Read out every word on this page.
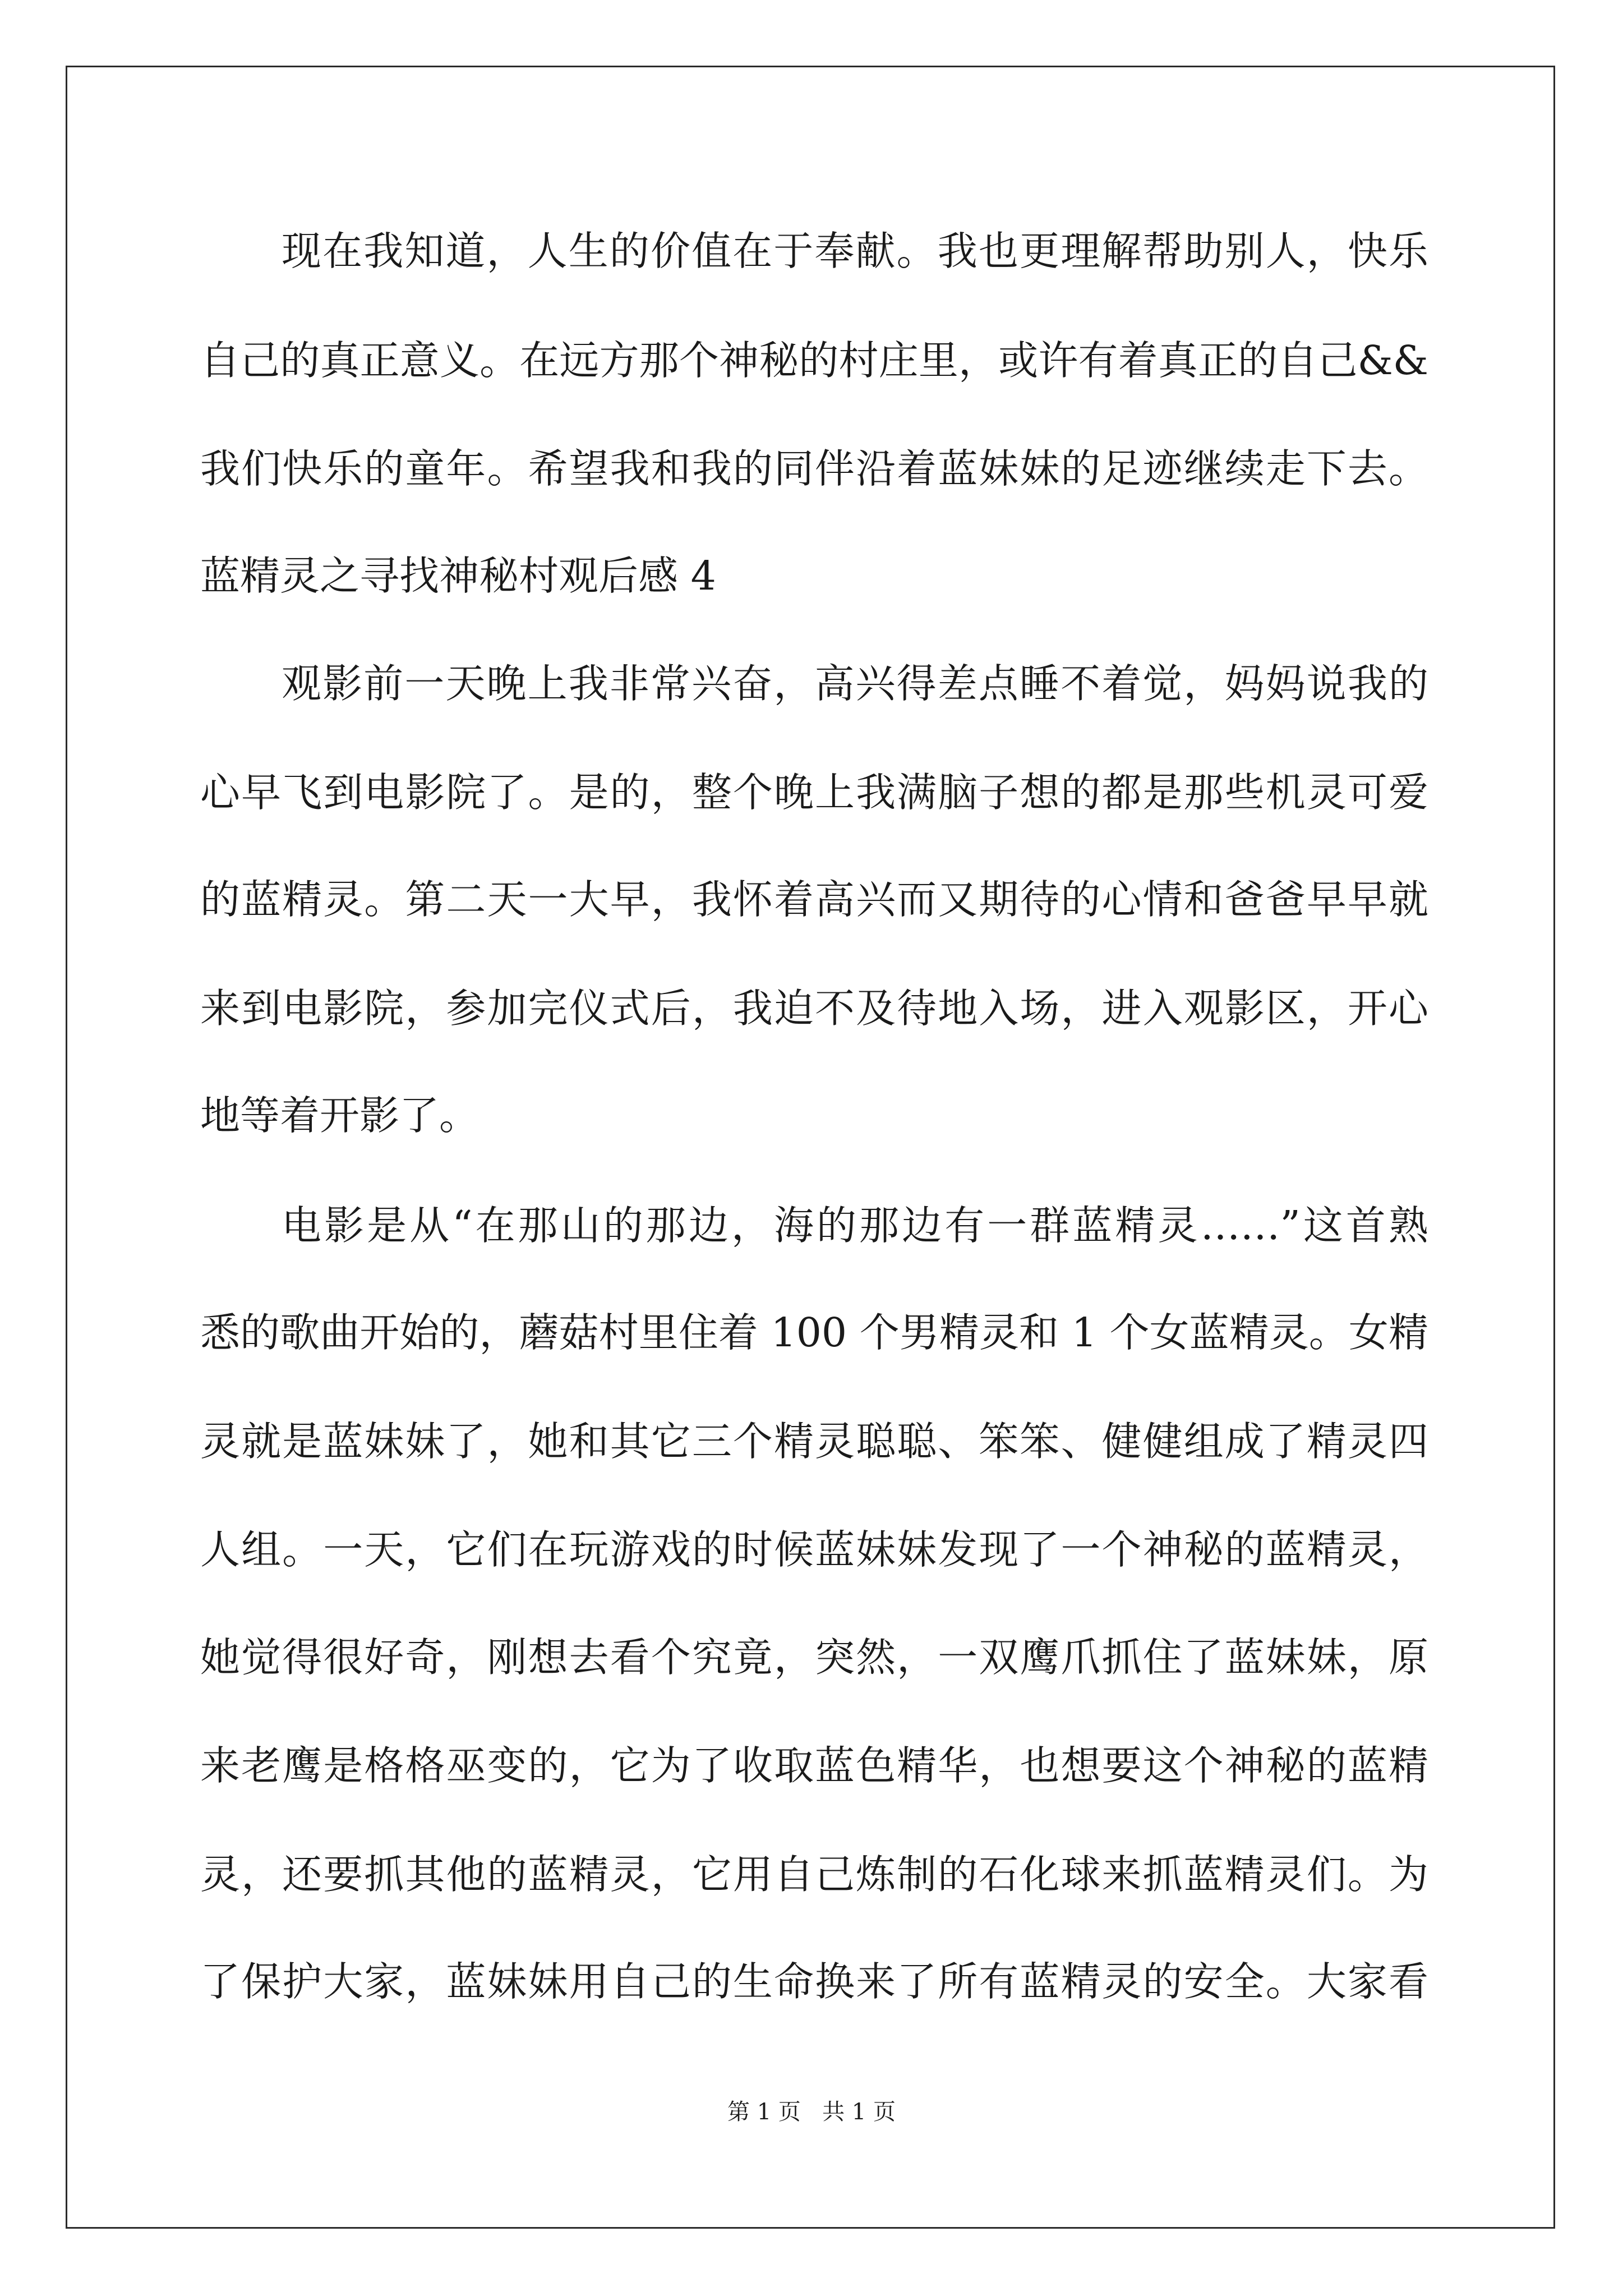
现在我知道，人生的价值在于奉献。我也更理解帮助别人，快乐

自己的真正意义。在远方那个神秘的村庄里，或许有着真正的自己&&

我们快乐的童年。希望我和我的同伴沿着蓝妹妹的足迹继续走下去。

蓝精灵之寻找神秘村观后感 4

观影前一天晚上我非常兴奋，高兴得差点睡不着觉，妈妈说我的

心早飞到电影院了。是的，整个晚上我满脑子想的都是那些机灵可爱

的蓝精灵。第二天一大早，我怀着高兴而又期待的心情和爸爸早早就

来到电影院，参加完仪式后，我迫不及待地入场，进入观影区，开心

地等着开影了。

电影是从“在那山的那边，海的那边有一群蓝精灵……”这首熟

悉的歌曲开始的，蘑菇村里住着 100 个男精灵和 1 个女蓝精灵。女精

灵就是蓝妹妹了，她和其它三个精灵聪聪、笨笨、健健组成了精灵四

人组。一天，它们在玩游戏的时候蓝妹妹发现了一个神秘的蓝精灵，

她觉得很好奇，刚想去看个究竟，突然，一双鹰爪抓住了蓝妹妹，原

来老鹰是格格巫变的，它为了收取蓝色精华，也想要这个神秘的蓝精

灵，还要抓其他的蓝精灵，它用自己炼制的石化球来抓蓝精灵们。为

了保护大家，蓝妹妹用自己的生命换来了所有蓝精灵的安全。大家看

第 1 页   共 1 页
